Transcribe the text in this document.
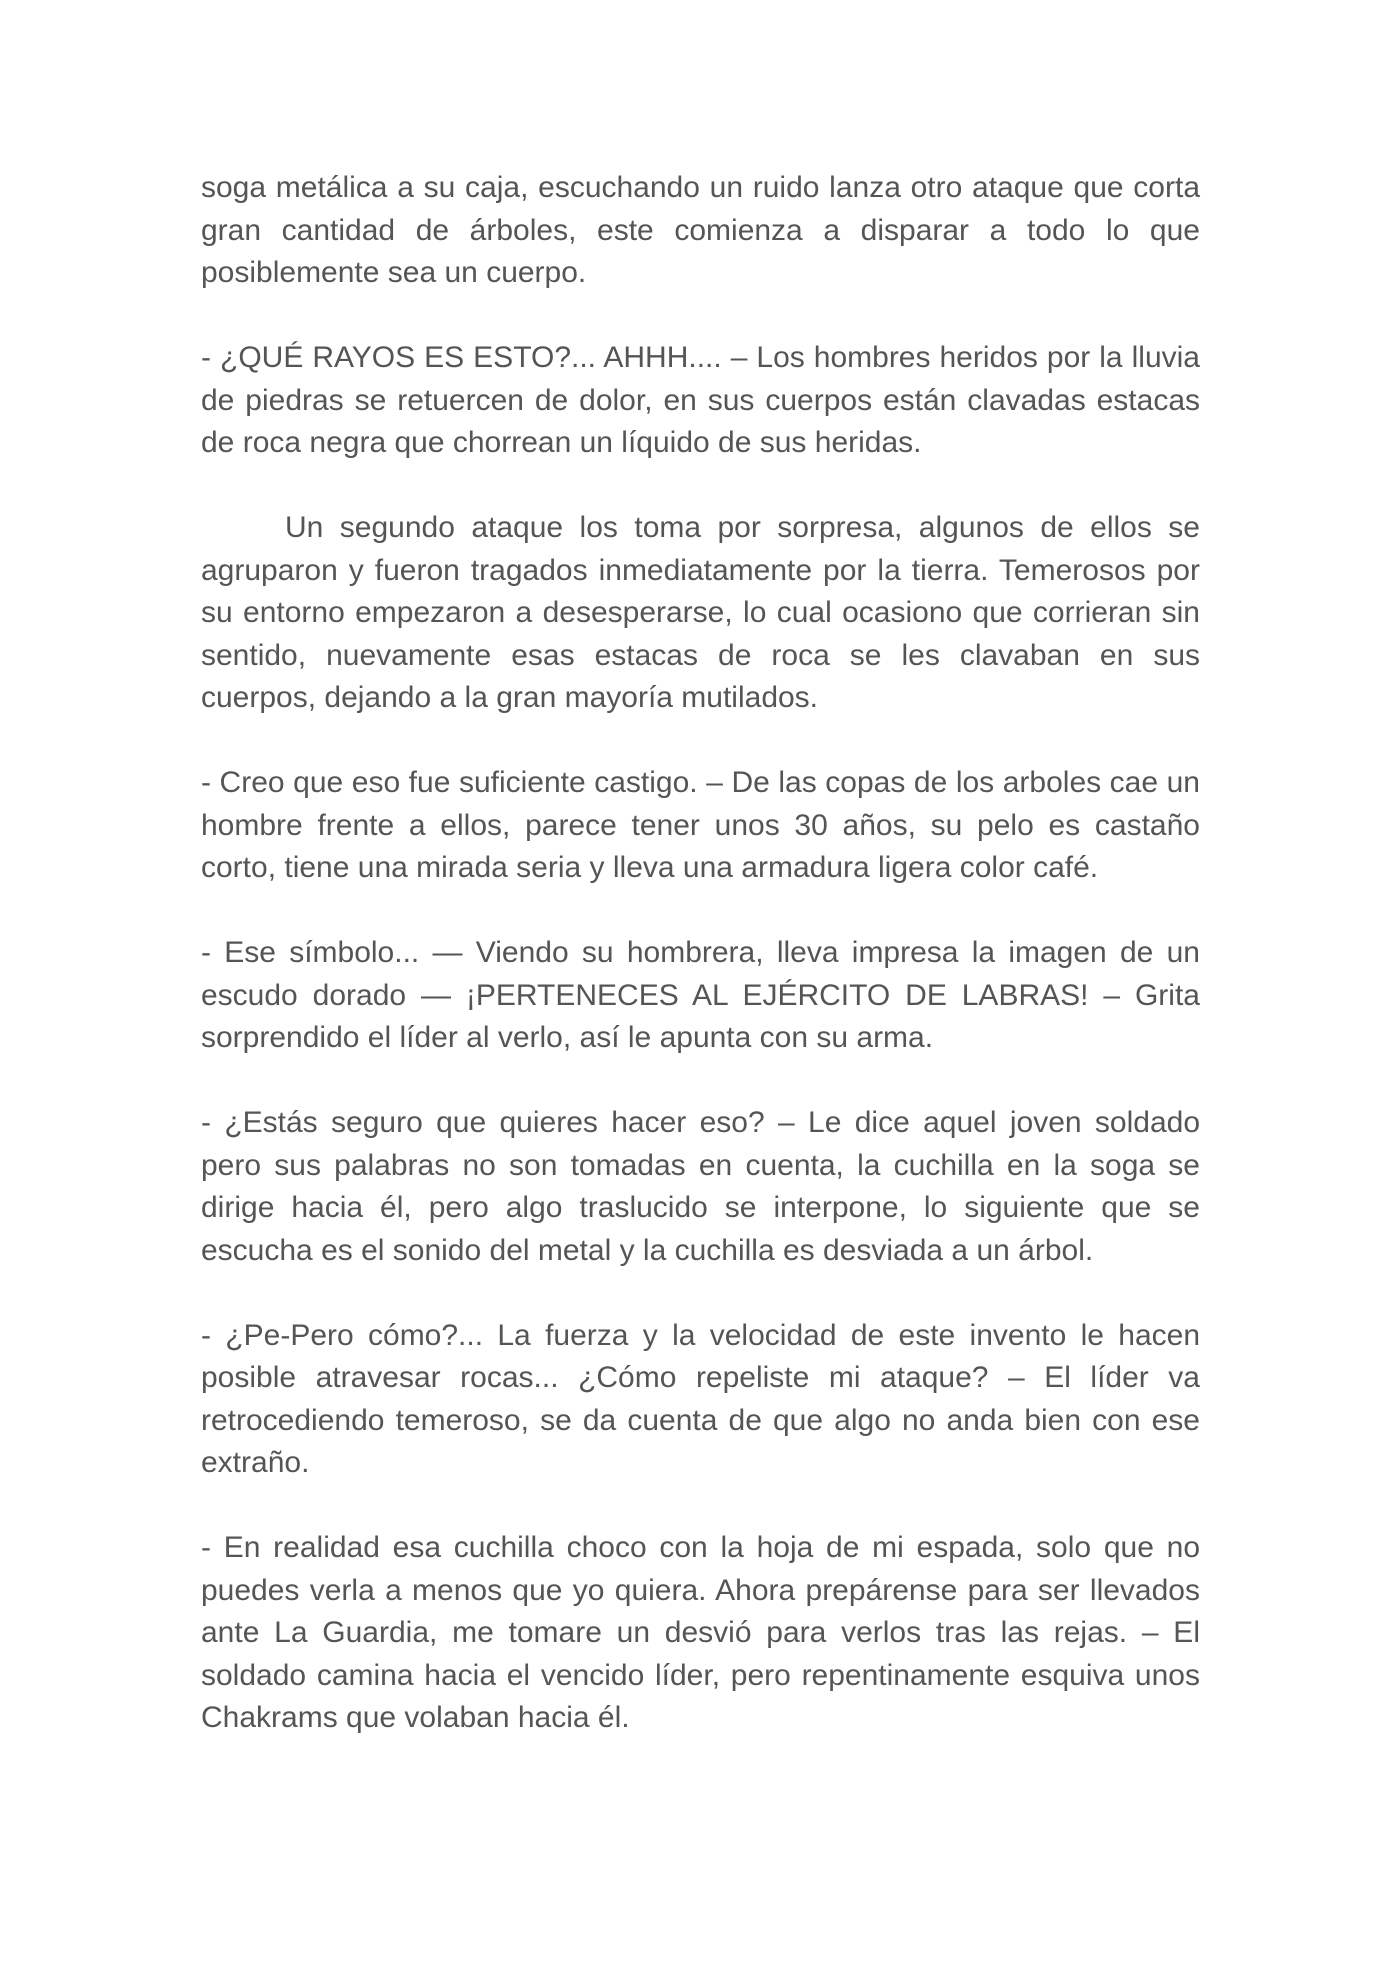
soga metálica a su caja, escuchando un ruido lanza otro ataque que corta gran cantidad de árboles, este comienza a disparar a todo lo que posiblemente sea un cuerpo.

- ¿QUÉ RAYOS ES ESTO?... AHHH.... – Los hombres heridos por la lluvia de piedras se retuercen de dolor, en sus cuerpos están clavadas estacas de roca negra que chorrean un líquido de sus heridas.

Un segundo ataque los toma por sorpresa, algunos de ellos se agruparon y fueron tragados inmediatamente por la tierra. Temerosos por su entorno empezaron a desesperarse, lo cual ocasiono que corrieran sin sentido, nuevamente esas estacas de roca se les clavaban en sus cuerpos, dejando a la gran mayoría mutilados.

- Creo que eso fue suficiente castigo. – De las copas de los arboles cae un hombre frente a ellos, parece tener unos 30 años, su pelo es castaño corto, tiene una mirada seria y lleva una armadura ligera color café.

- Ese símbolo... — Viendo su hombrera, lleva impresa la imagen de un escudo dorado — ¡PERTENECES AL EJÉRCITO DE LABRAS! – Grita sorprendido el líder al verlo, así le apunta con su arma.

- ¿Estás seguro que quieres hacer eso? – Le dice aquel joven soldado pero sus palabras no son tomadas en cuenta, la cuchilla en la soga se dirige hacia él, pero algo traslucido se interpone, lo siguiente que se escucha es el sonido del metal y la cuchilla es desviada a un árbol.

- ¿Pe-Pero cómo?... La fuerza y la velocidad de este invento le hacen posible atravesar rocas... ¿Cómo repeliste mi ataque? – El líder va retrocediendo temeroso, se da cuenta de que algo no anda bien con ese extraño.

- En realidad esa cuchilla choco con la hoja de mi espada, solo que no puedes verla a menos que yo quiera. Ahora prepárense para ser llevados ante La Guardia, me tomare un desvió para verlos tras las rejas. – El soldado camina hacia el vencido líder, pero repentinamente esquiva unos Chakrams que volaban hacia él.
